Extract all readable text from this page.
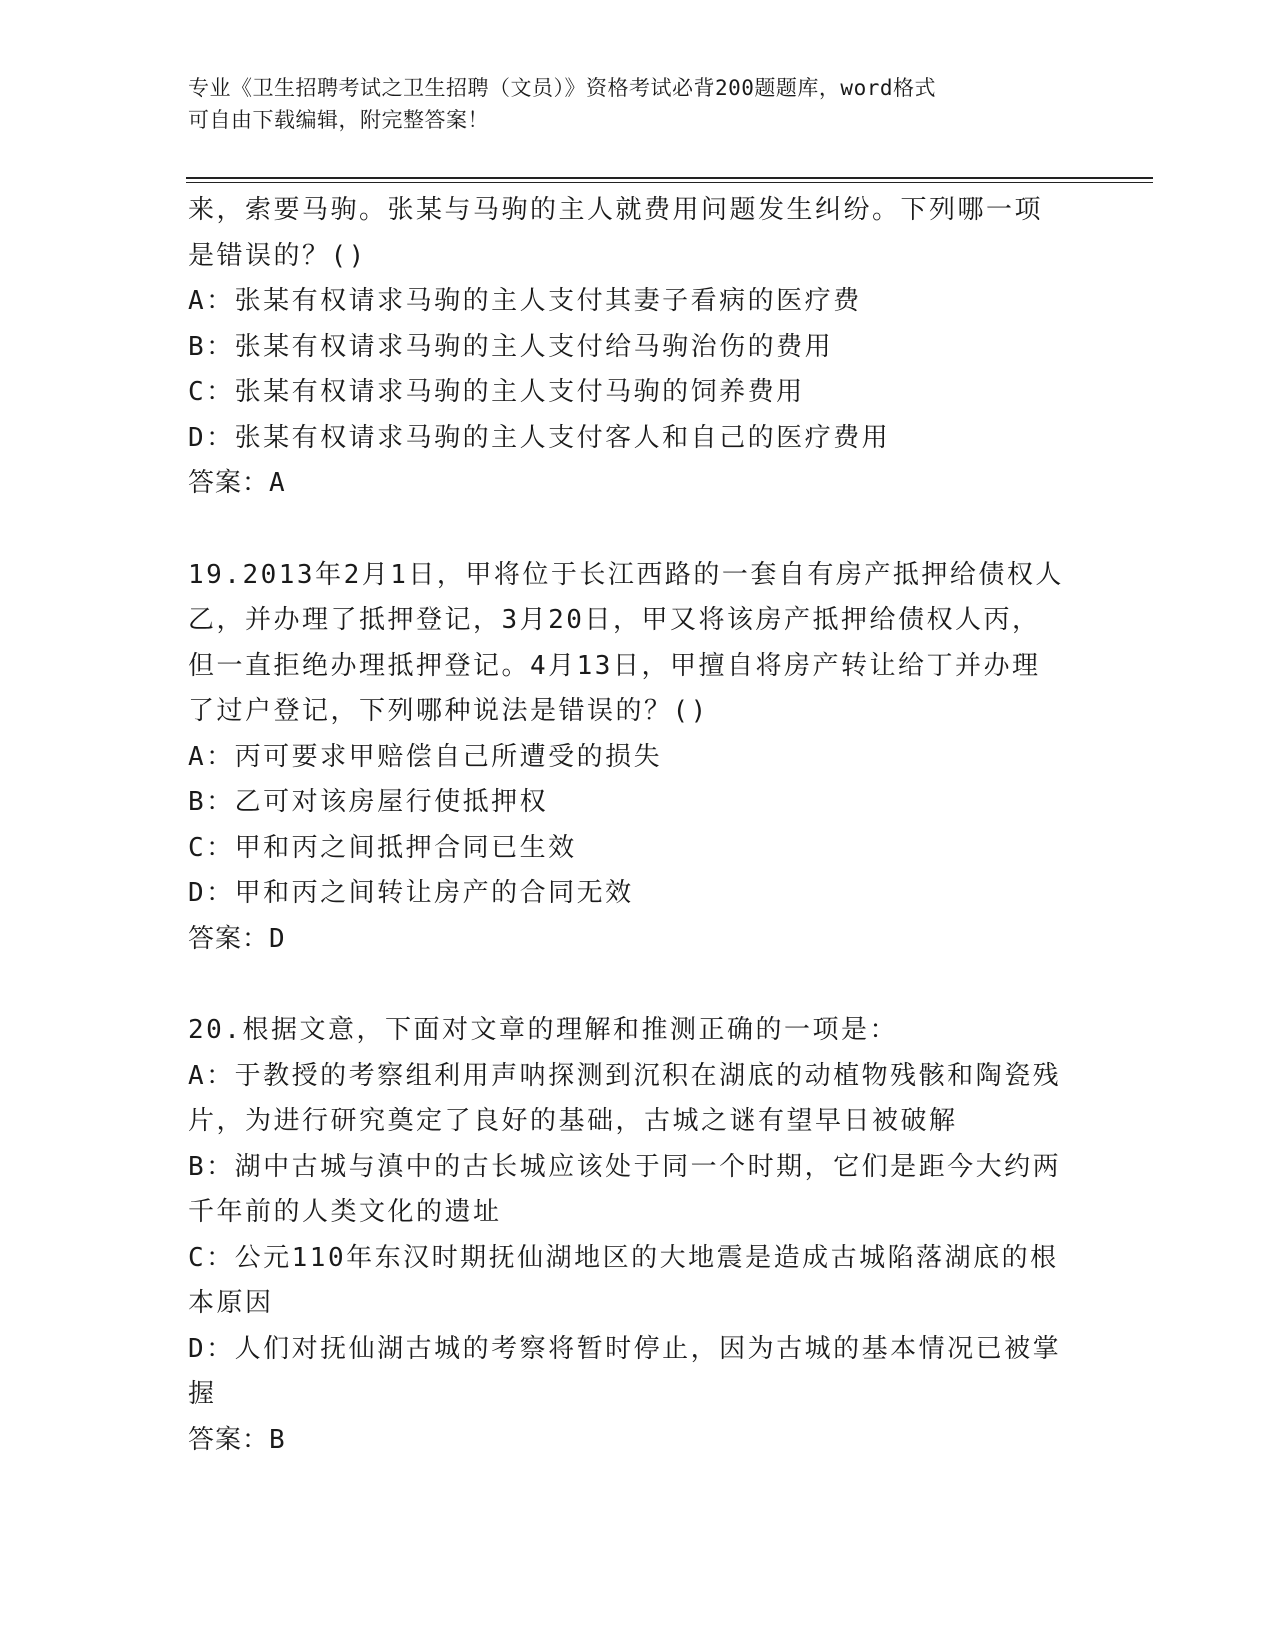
专业《卫生招聘考试之卫生招聘（文员）》资格考试必背200题题库，word格式
可自由下载编辑，附完整答案！
来，索要马驹。张某与马驹的主人就费用问题发生纠纷。下列哪一项
是错误的？()
A：张某有权请求马驹的主人支付其妻子看病的医疗费
B：张某有权请求马驹的主人支付给马驹治伤的费用
C：张某有权请求马驹的主人支付马驹的饲养费用
D：张某有权请求马驹的主人支付客人和自己的医疗费用
答案：A
19.2013年2月1日，甲将位于长江西路的一套自有房产抵押给债权人
乙，并办理了抵押登记，3月20日，甲又将该房产抵押给债权人丙，
但一直拒绝办理抵押登记。4月13日，甲擅自将房产转让给丁并办理
了过户登记，下列哪种说法是错误的？()
A：丙可要求甲赔偿自己所遭受的损失
B：乙可对该房屋行使抵押权
C：甲和丙之间抵押合同已生效
D：甲和丙之间转让房产的合同无效
答案：D
20.根据文意，下面对文章的理解和推测正确的一项是：
A：于教授的考察组利用声呐探测到沉积在湖底的动植物残骸和陶瓷残
片，为进行研究奠定了良好的基础，古城之谜有望早日被破解
B：湖中古城与滇中的古长城应该处于同一个时期，它们是距今大约两
千年前的人类文化的遗址
C：公元110年东汉时期抚仙湖地区的大地震是造成古城陷落湖底的根
本原因
D：人们对抚仙湖古城的考察将暂时停止，因为古城的基本情况已被掌
握
答案：B
